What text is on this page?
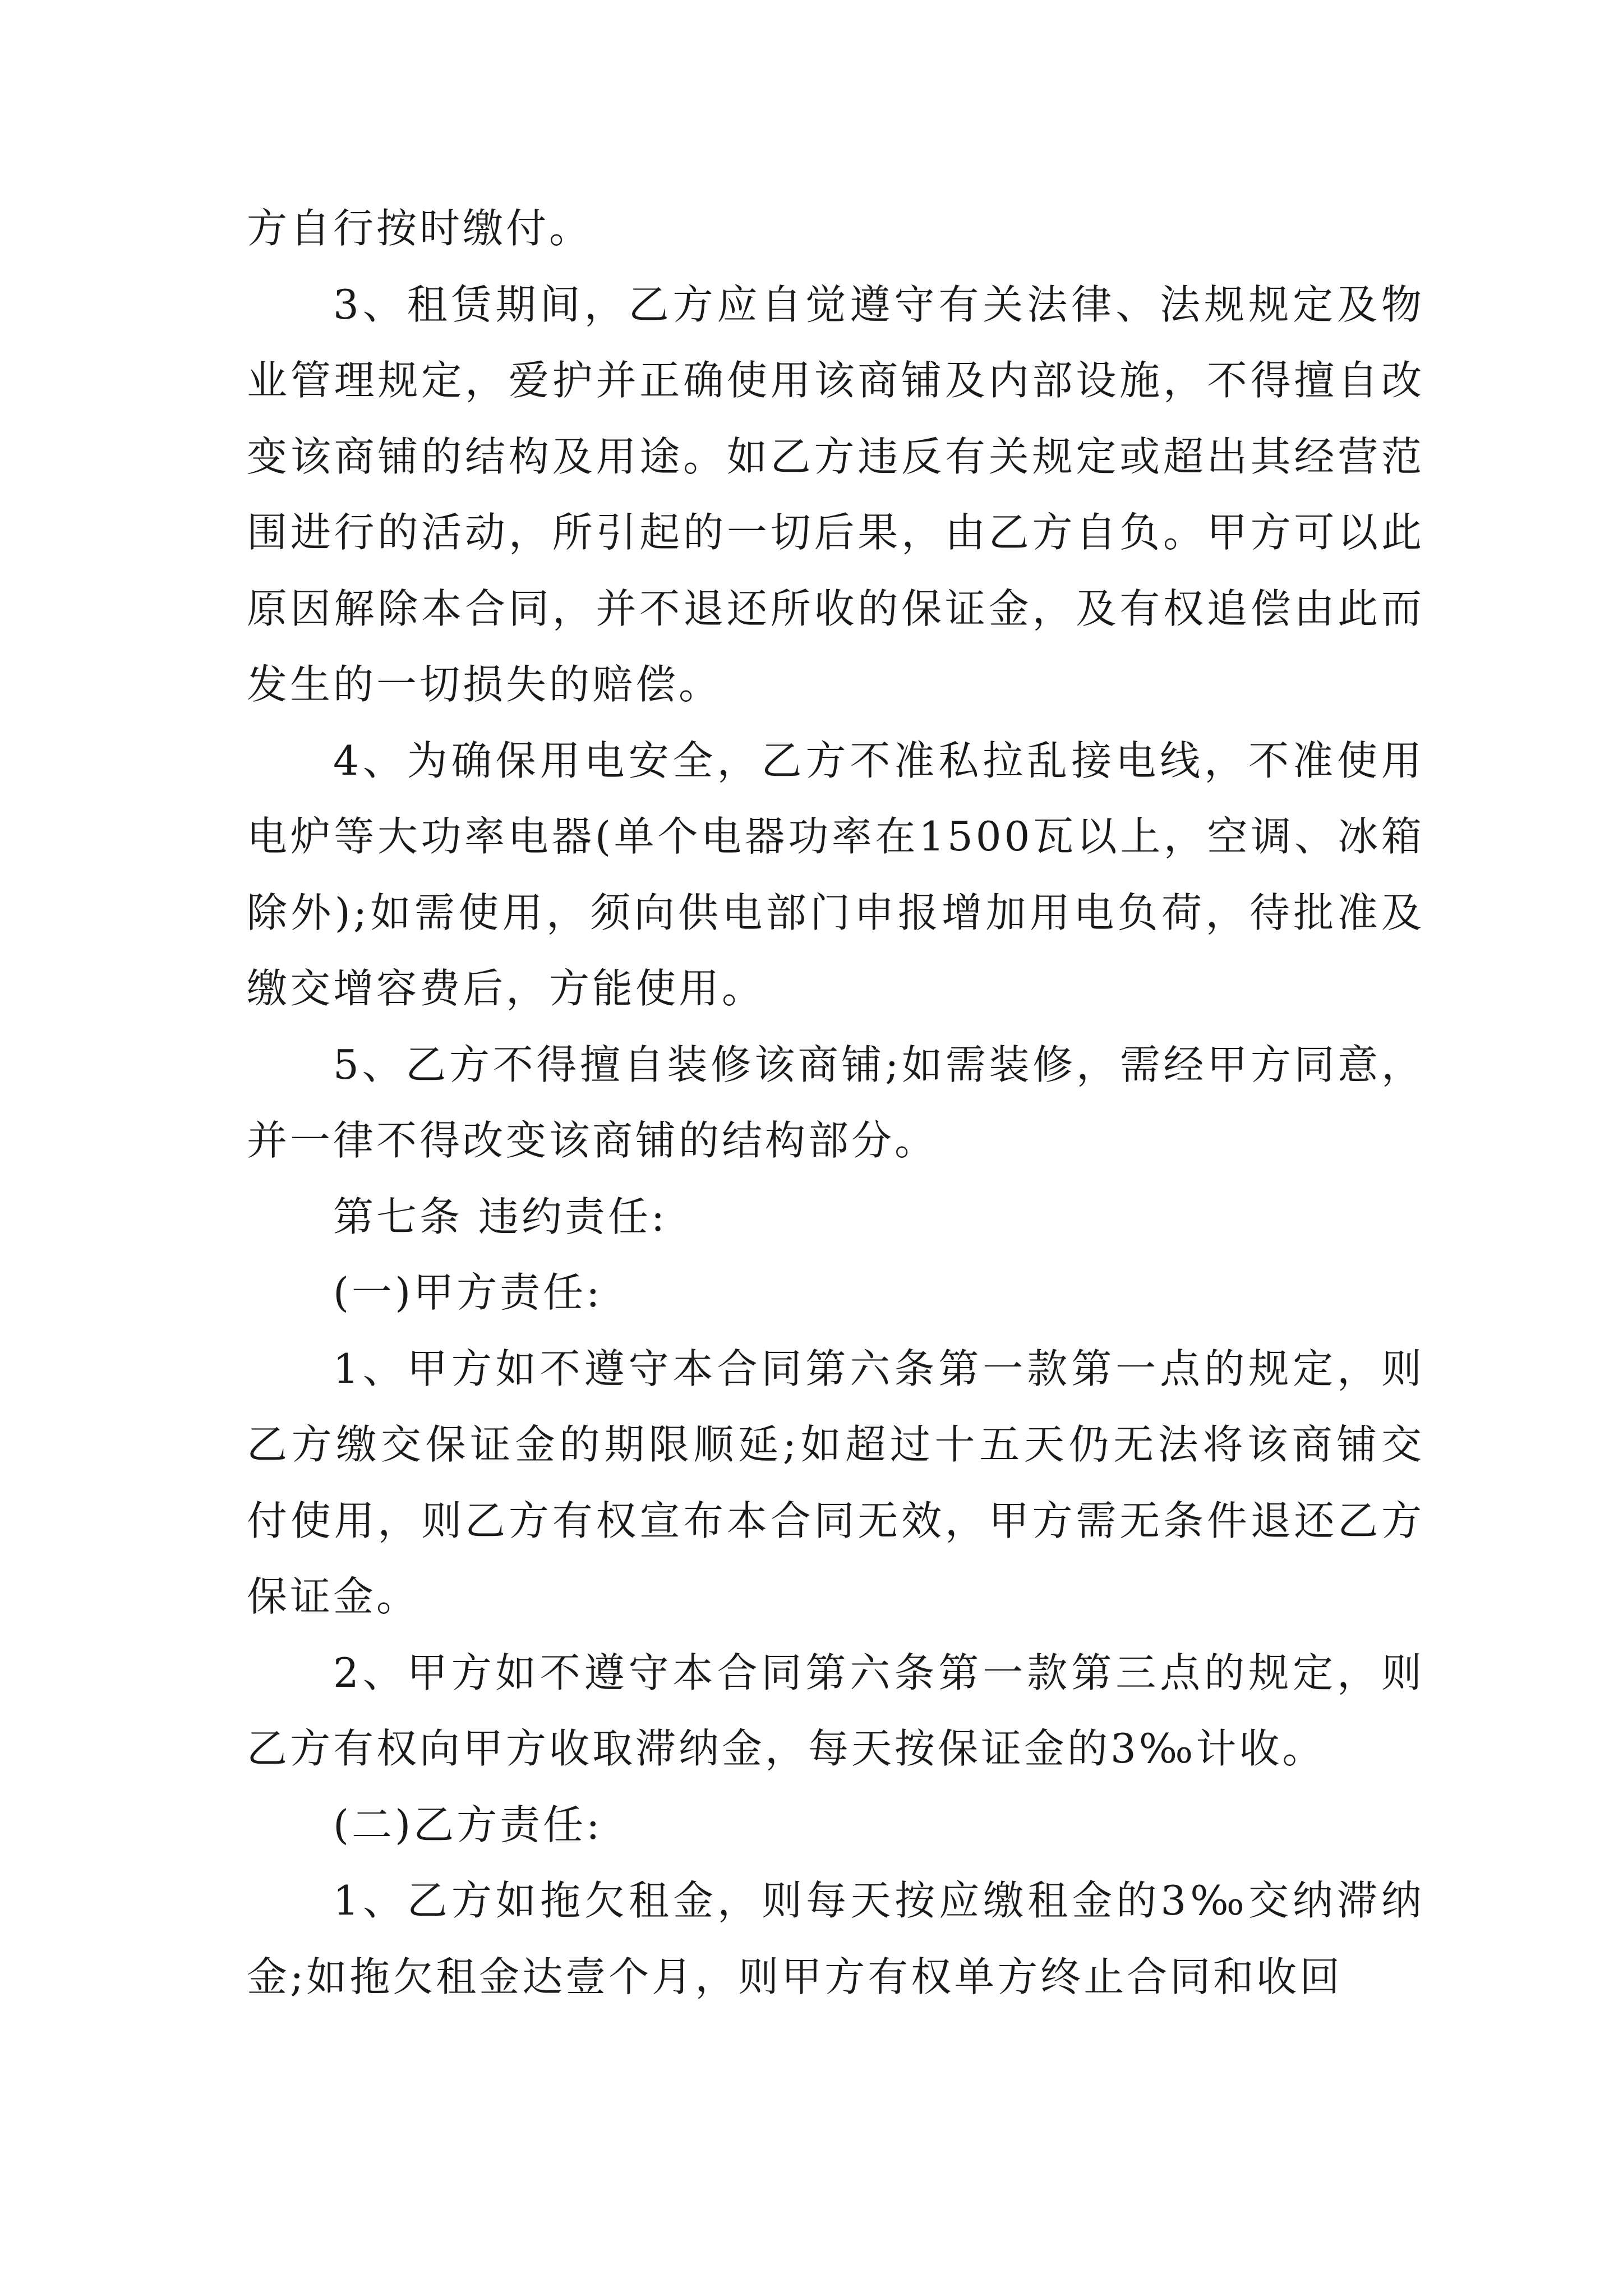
方自行按时缴付。

3、租赁期间，乙方应自觉遵守有关法律、法规规定及物业管理规定，爱护并正确使用该商铺及内部设施，不得擅自改变该商铺的结构及用途。如乙方违反有关规定或超出其经营范围进行的活动，所引起的一切后果，由乙方自负。甲方可以此原因解除本合同，并不退还所收的保证金，及有权追偿由此而发生的一切损失的赔偿。

4、为确保用电安全，乙方不准私拉乱接电线，不准使用电炉等大功率电器(单个电器功率在1500瓦以上，空调、冰箱除外);如需使用，须向供电部门申报增加用电负荷，待批准及缴交增容费后，方能使用。

5、乙方不得擅自装修该商铺;如需装修，需经甲方同意，并一律不得改变该商铺的结构部分。

第七条 违约责任:

(一)甲方责任:

1、甲方如不遵守本合同第六条第一款第一点的规定，则乙方缴交保证金的期限顺延;如超过十五天仍无法将该商铺交付使用，则乙方有权宣布本合同无效，甲方需无条件退还乙方保证金。

2、甲方如不遵守本合同第六条第一款第三点的规定，则乙方有权向甲方收取滞纳金，每天按保证金的3‰计收。

(二)乙方责任:

1、乙方如拖欠租金，则每天按应缴租金的3‰交纳滞纳金;如拖欠租金达壹个月，则甲方有权单方终止合同和收回
